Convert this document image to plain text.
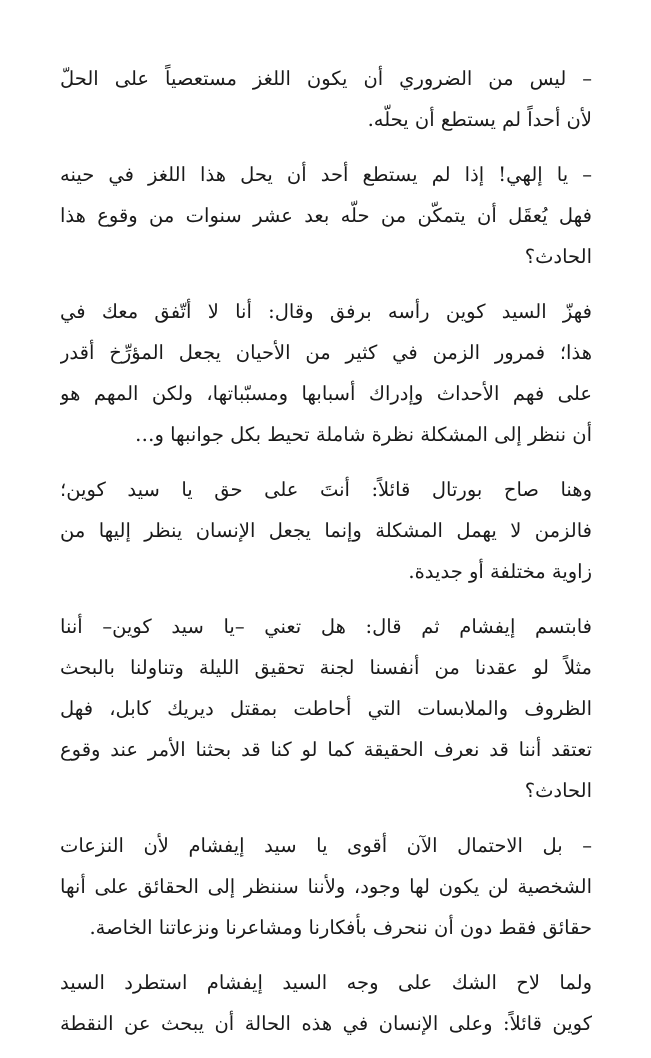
– ليس من الضروري أن يكون اللغز مستعصياً على الحلّ
لأن أحداً لم يستطع أن يحلّه.

– يا إلهي! إذا لم يستطع أحد أن يحل هذا اللغز في حينه
فهل يُعقَل أن يتمكّن من حلّه بعد عشر سنوات من وقوع هذا
الحادث؟

فهزّ السيد كوين رأسه برفق وقال: أنا لا أتّفق معك في
هذا؛ فمرور الزمن في كثير من الأحيان يجعل المؤرِّخ أقدر
على فهم الأحداث وإدراك أسبابها ومسبّباتها، ولكن المهم هو
أن ننظر إلى المشكلة نظرة شاملة تحيط بكل جوانبها و…

وهنا صاح بورتال قائلاً: أنتَ على حق يا سيد كوين؛
فالزمن لا يهمل المشكلة وإنما يجعل الإنسان ينظر إليها من
زاوية مختلفة أو جديدة.

فابتسم إيفشام ثم قال: هل تعني –يا سيد كوين– أننا
مثلاً لو عقدنا من أنفسنا لجنة تحقيق الليلة وتناولنا بالبحث
الظروف والملابسات التي أحاطت بمقتل ديريك كابل، فهل
تعتقد أننا قد نعرف الحقيقة كما لو كنا قد بحثنا الأمر عند وقوع
الحادث؟

– بل الاحتمال الآن أقوى يا سيد إيفشام لأن النزعات
الشخصية لن يكون لها وجود، ولأننا سننظر إلى الحقائق على أنها
حقائق فقط دون أن ننحرف بأفكارنا ومشاعرنا ونزعاتنا الخاصة.

ولما لاح الشك على وجه السيد إيفشام استطرد السيد
كوين قائلاً: وعلى الإنسان في هذه الحالة أن يبحث عن النقطة
